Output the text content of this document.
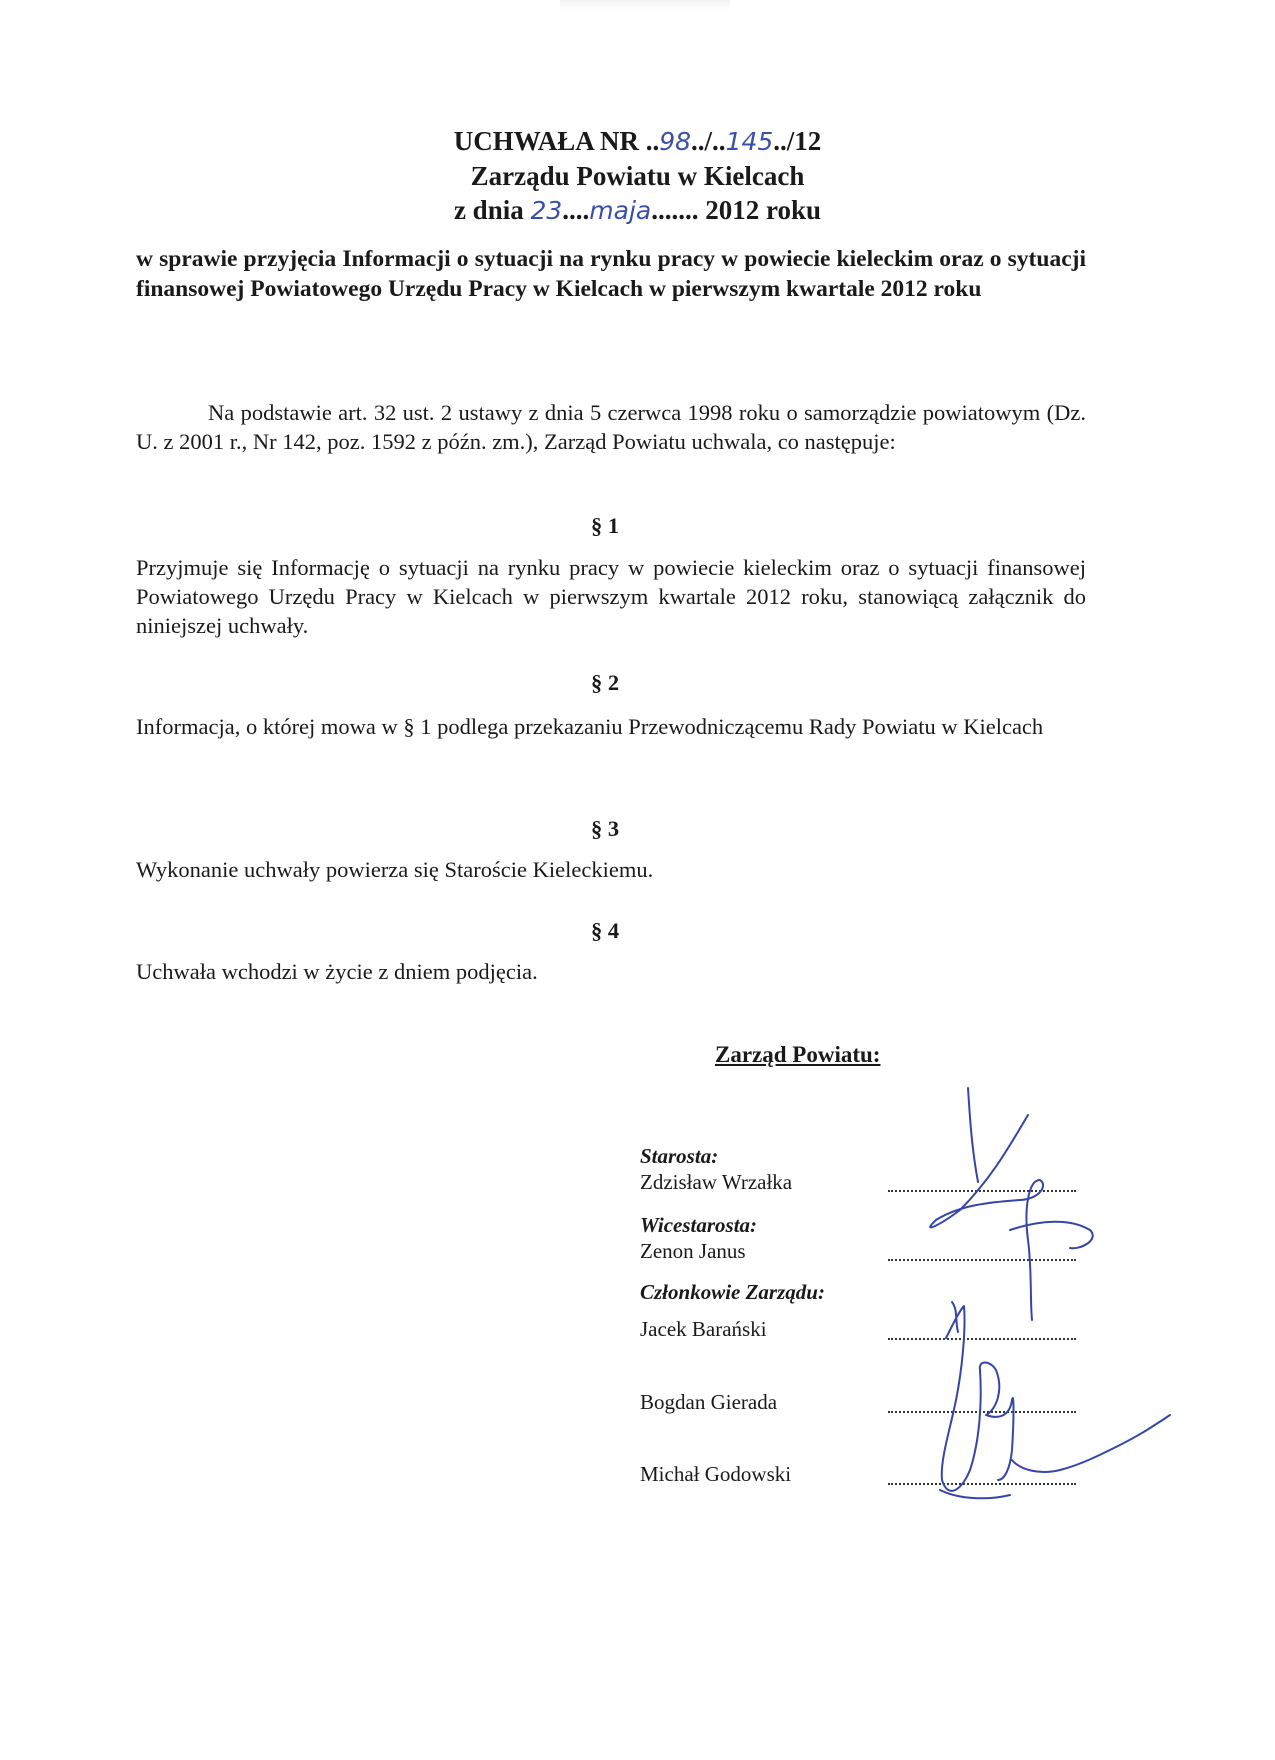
UCHWAŁA NR ..98../..145../12
Zarządu Powiatu w Kielcach
z dnia 23....maja....... 2012 roku
w sprawie przyjęcia Informacji o sytuacji na rynku pracy w powiecie kieleckim oraz o sytuacji finansowej Powiatowego Urzędu Pracy w Kielcach w pierwszym kwartale 2012 roku
Na podstawie art. 32 ust. 2 ustawy z dnia 5 czerwca 1998 roku o samorządzie powiatowym (Dz. U. z 2001 r., Nr 142, poz. 1592 z późn. zm.), Zarząd Powiatu uchwala, co następuje:
§ 1
Przyjmuje się Informację o sytuacji na rynku pracy w powiecie kieleckim oraz o sytuacji finansowej Powiatowego Urzędu Pracy w Kielcach w pierwszym kwartale 2012 roku, stanowiącą załącznik do niniejszej uchwały.
§ 2
Informacja, o której mowa w § 1 podlega przekazaniu Przewodniczącemu Rady Powiatu w Kielcach
§ 3
Wykonanie uchwały powierza się Staroście Kieleckiemu.
§ 4
Uchwała wchodzi w życie z dniem podjęcia.
Zarząd Powiatu:
Starosta:
Zdzisław Wrzałka
Wicestarosta:
Zenon Janus
Członkowie Zarządu:
Jacek Barański
Bogdan Gierada
Michał Godowski
